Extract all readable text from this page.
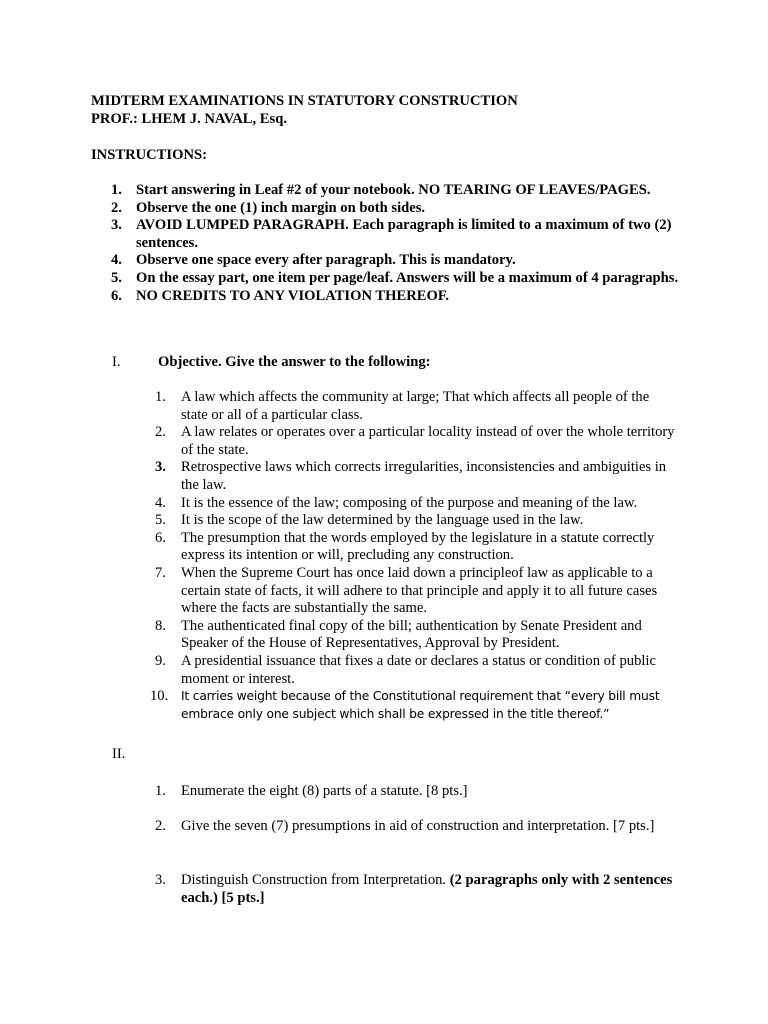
MIDTERM EXAMINATIONS IN STATUTORY CONSTRUCTION
PROF.: LHEM J. NAVAL, Esq.
INSTRUCTIONS:
1. Start answering in Leaf #2 of your notebook. NO TEARING OF LEAVES/PAGES.
2. Observe the one (1) inch margin on both sides.
3. AVOID LUMPED PARAGRAPH. Each paragraph is limited to a maximum of two (2) sentences.
4. Observe one space every after paragraph. This is mandatory.
5. On the essay part, one item per page/leaf. Answers will be a maximum of 4 paragraphs.
6. NO CREDITS TO ANY VIOLATION THEREOF.
I.	Objective. Give the answer to the following:
1.	A law which affects the community at large; That which affects all people of the state or all of a particular class.
2.	A law relates or operates over a particular locality instead of over the whole territory of the state.
3.	Retrospective laws which corrects irregularities, inconsistencies and ambiguities in the law.
4.	It is the essence of the law; composing of the purpose and meaning of the law.
5.	It is the scope of the law determined by the language used in the law.
6.	The presumption that the words employed by the legislature in a statute correctly express its intention or will, precluding any construction.
7.	When the Supreme Court has once laid down a principleof law as applicable to a certain state of facts, it will adhere to that principle and apply it to all future cases where the facts are substantially the same.
8.	The authenticated final copy of the bill; authentication by Senate President and Speaker of the House of Representatives, Approval by President.
9.	A presidential issuance that fixes a date or declares a status or condition of public moment or interest.
10.	It carries weight because of the Constitutional requirement that “every bill must embrace only one subject which shall be expressed in the title thereof.”
II.
1.	Enumerate the eight (8) parts of a statute. [8 pts.]
2.	Give the seven (7) presumptions in aid of construction and interpretation. [7 pts.]
3.	Distinguish Construction from Interpretation. (2 paragraphs only with 2 sentences each.) [5 pts.]
